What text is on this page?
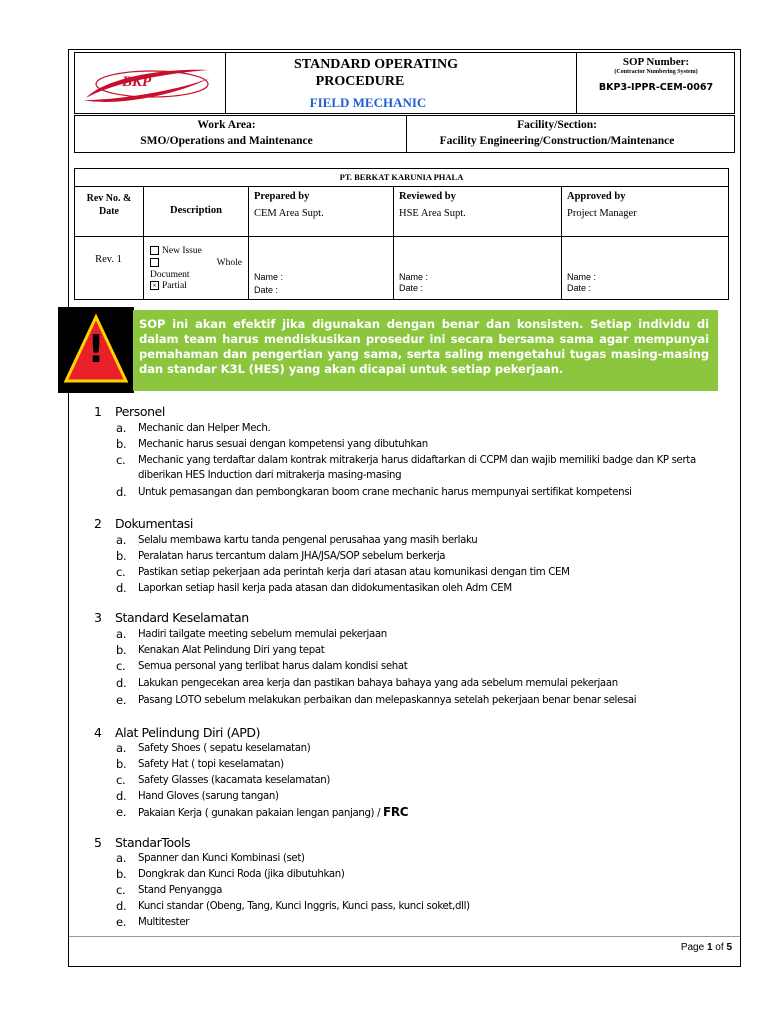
BKP
STANDARD OPERATING
PROCEDURE
FIELD MECHANIC
SOP Number:
(Contractor Numbering System)
BKP3-IPPR-CEM-0067
Work Area:
SMO/Operations and Maintenance
Facility/Section:
Facility Engineering/Construction/Maintenance
PT. BERKAT KARUNIA PHALA
Rev No. & Date	Description
Prepared by
CEM Area Supt.
Reviewed by
HSE Area Supt.
Approved by
Project Manager
Rev. 1
New Issue
Whole
Document
× Partial
Name :
Date :
Name :
Date :
Name :
Date :
!
SOP ini akan efektif jika digunakan dengan benar dan konsisten. Setiap individu di dalam team harus mendiskusikan prosedur ini secara bersama sama agar mempunyai pemahaman dan pengertian yang sama, serta saling mengetahui tugas masing-masing dan standar K3L (HES) yang akan dicapai untuk setiap pekerjaan.
1 Personel
a. Mechanic dan Helper Mech.
b. Mechanic harus sesuai dengan kompetensi yang dibutuhkan
c. Mechanic yang terdaftar dalam kontrak mitrakerja harus didaftarkan di CCPM dan wajib memiliki badge dan KP serta diberikan HES Induction dari mitrakerja masing-masing
d. Untuk pemasangan dan pembongkaran boom crane mechanic harus mempunyai sertifikat kompetensi
2 Dokumentasi
a. Selalu membawa kartu tanda pengenal perusahaa yang masih berlaku
b. Peralatan harus tercantum dalam JHA/JSA/SOP sebelum berkerja
c. Pastikan setiap pekerjaan ada perintah kerja dari atasan atau komunikasi dengan tim CEM
d. Laporkan setiap hasil kerja pada atasan dan didokumentasikan oleh Adm CEM
3 Standard Keselamatan
a. Hadiri tailgate meeting sebelum memulai pekerjaan
b. Kenakan Alat Pelindung Diri yang tepat
c. Semua personal yang terlibat harus dalam kondisi sehat
d. Lakukan pengecekan area kerja dan pastikan bahaya bahaya yang ada sebelum memulai pekerjaan
e. Pasang LOTO sebelum melakukan perbaikan dan melepaskannya setelah pekerjaan benar benar selesai
4 Alat Pelindung Diri (APD)
a. Safety Shoes ( sepatu keselamatan)
b. Safety Hat ( topi keselamatan)
c. Safety Glasses (kacamata keselamatan)
d. Hand Gloves (sarung tangan)
e. Pakaian Kerja ( gunakan pakaian lengan panjang) / FRC
5 StandarTools
a. Spanner dan Kunci Kombinasi (set)
b. Dongkrak dan Kunci Roda (jika dibutuhkan)
c. Stand Penyangga
d. Kunci standar (Obeng, Tang, Kunci Inggris, Kunci pass, kunci soket,dll)
e. Multitester
Page 1 of 5
